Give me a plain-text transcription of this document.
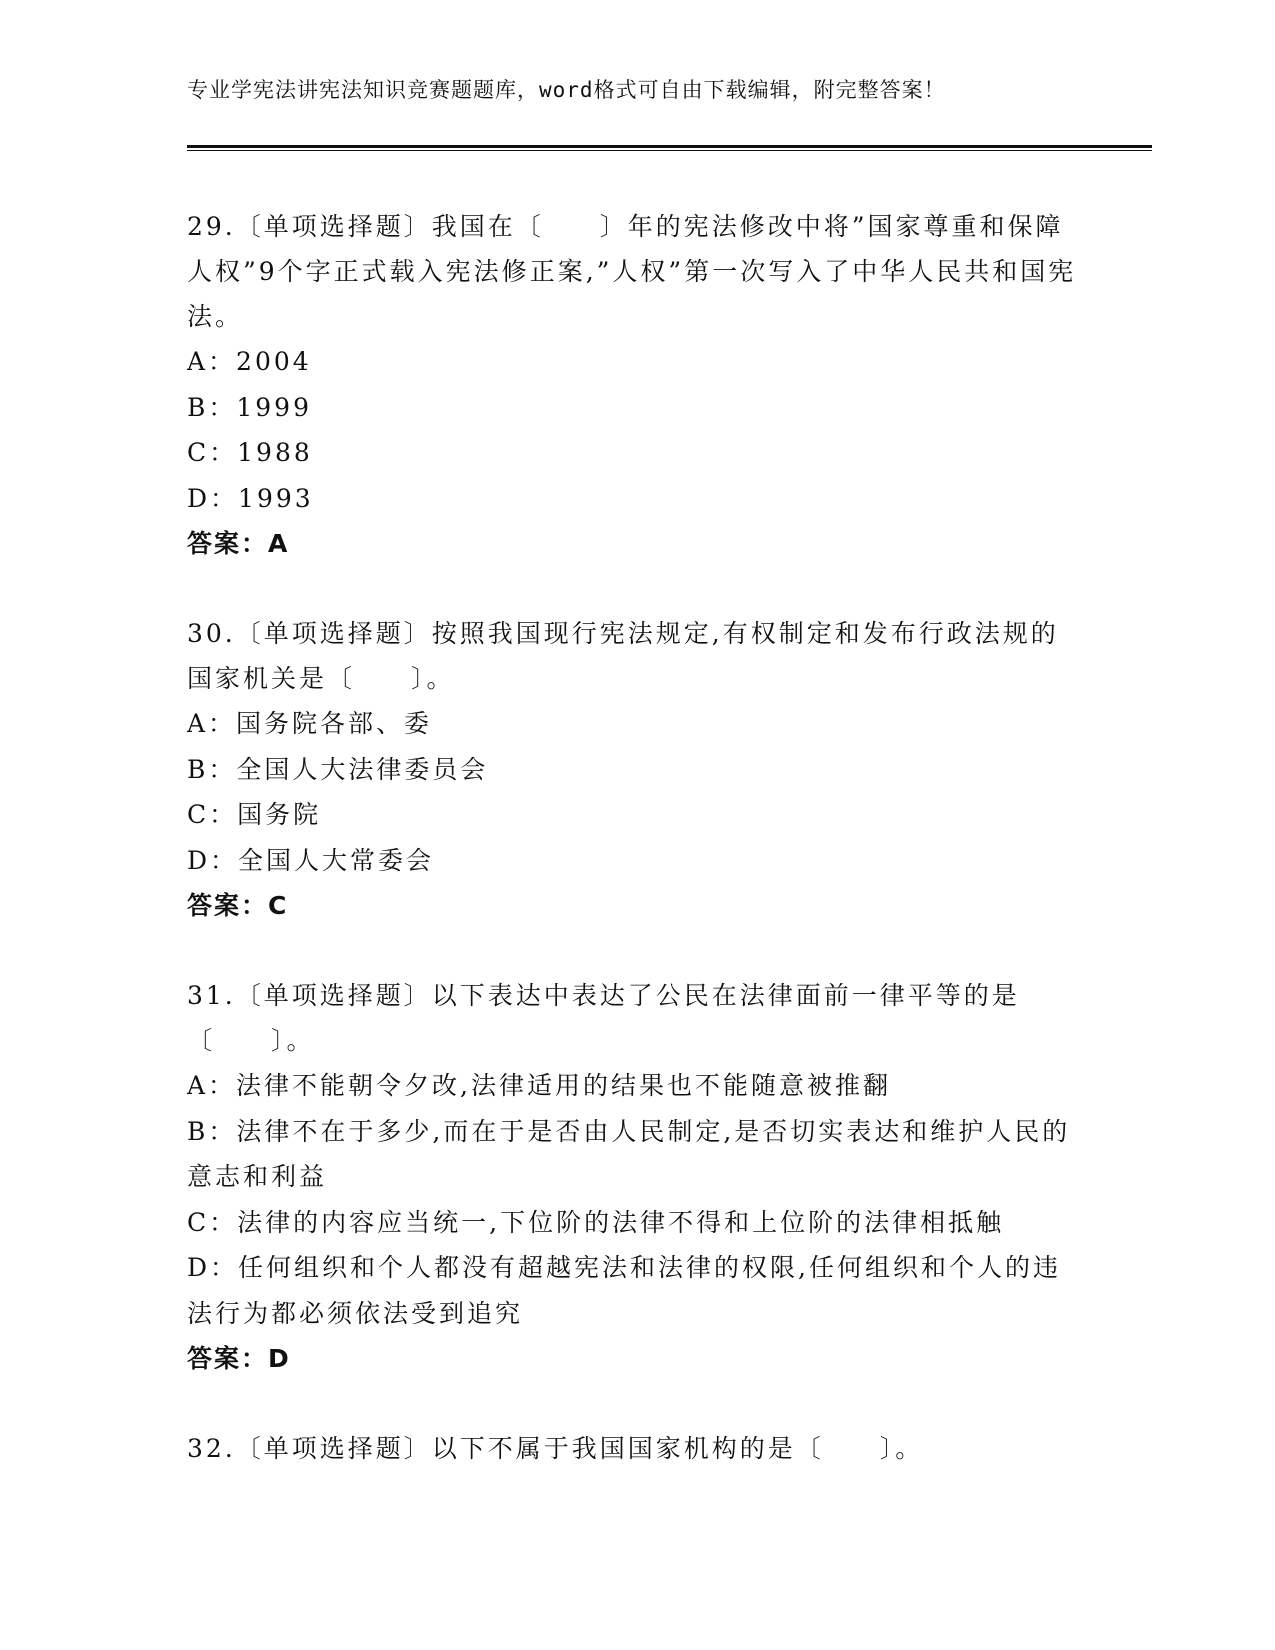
专业学宪法讲宪法知识竞赛题题库，word格式可自由下载编辑，附完整答案！

29.〔单项选择题〕我国在〔　　〕年的宪法修改中将”国家尊重和保障人权”9个字正式载入宪法修正案,”人权”第一次写入了中华人民共和国宪法。

A：2004

B：1999

C：1988

D：1993

答案：A

30.〔单项选择题〕按照我国现行宪法规定,有权制定和发布行政法规的国家机关是〔　　〕。

A：国务院各部、委

B：全国人大法律委员会

C：国务院

D：全国人大常委会

答案：C

31.〔单项选择题〕以下表达中表达了公民在法律面前一律平等的是〔　　〕。

A：法律不能朝令夕改,法律适用的结果也不能随意被推翻

B：法律不在于多少,而在于是否由人民制定,是否切实表达和维护人民的意志和利益

C：法律的内容应当统一,下位阶的法律不得和上位阶的法律相抵触

D：任何组织和个人都没有超越宪法和法律的权限,任何组织和个人的违法行为都必须依法受到追究

答案：D

32.〔单项选择题〕以下不属于我国国家机构的是〔　　〕。
